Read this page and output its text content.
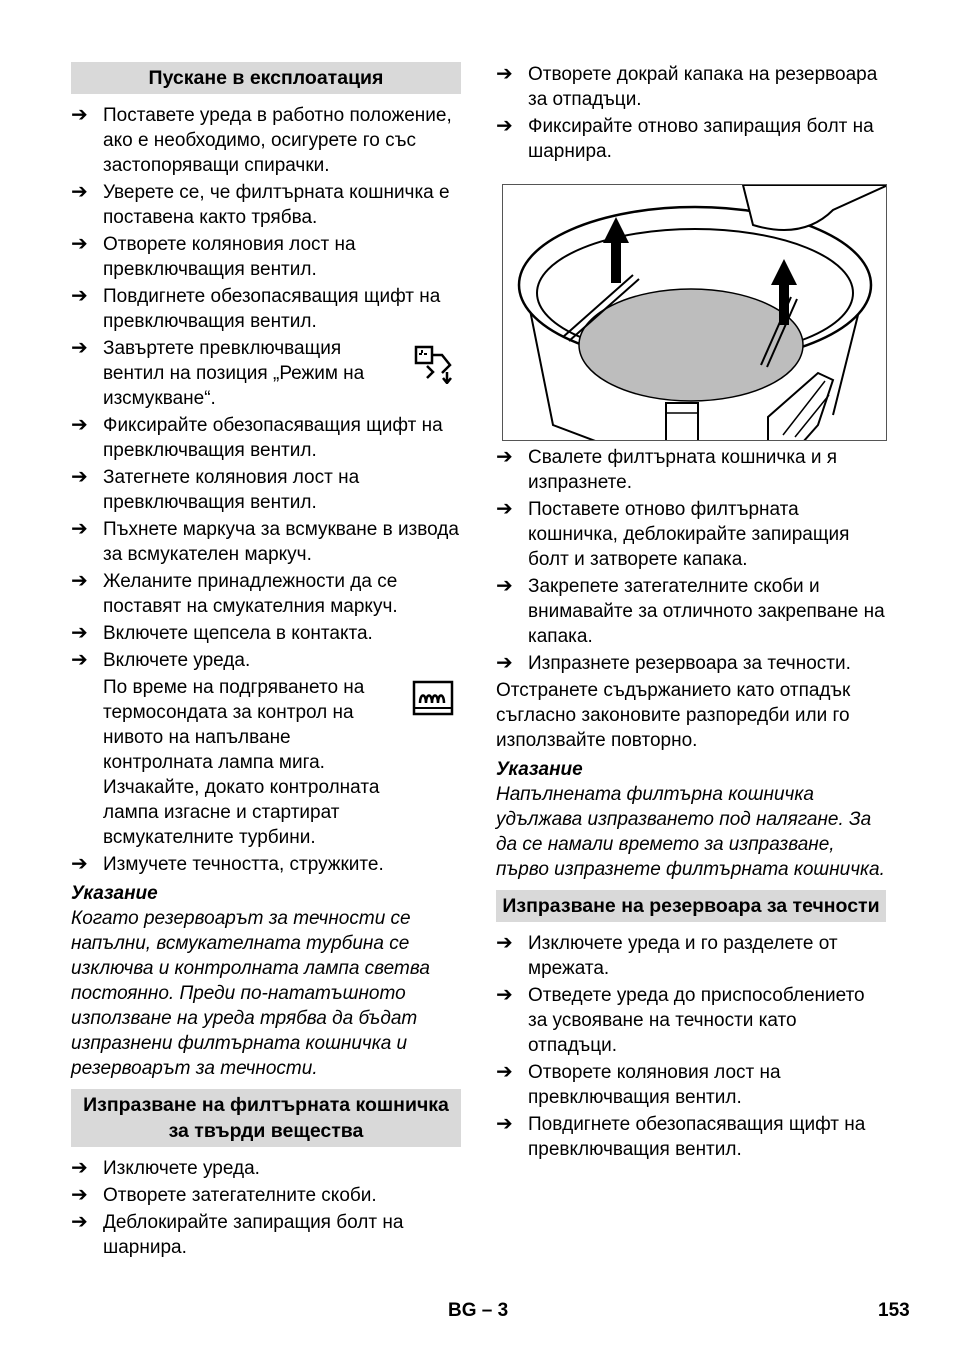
Пускане в експлоатация
➔ Поставете уреда в работно положение, ако е необходимо, осигурете го със застопоряващи спирачки.
➔ Уверете се, че филтърната кошничка е поставена както трябва.
➔ Отворете коляновия лост на превключващия вентил.
➔ Повдигнете обезопасяващия щифт на превключващия вентил.
➔ Завъртете превключващия вентил на позиция „Режим на изсмукване“.
➔ Фиксирайте обезопасяващия щифт на превключващия вентил.
➔ Затегнете коляновия лост на превключващия вентил.
➔ Пъхнете маркуча за всмукване в извода за всмукателен маркуч.
➔ Желаните принадлежности да се поставят на смукателния маркуч.
➔ Включете щепсела в контакта.
➔ Включете уреда.
По време на подгряването на термосондата за контрол на нивото на напълване контролната лампа мига. Изчакайте, докато контролната лампа изгасне и стартират всмукателните турбини.
➔ Измучете течността, стружките.
Указание
Когато резервоарът за течности се напълни, всмукателната турбина се изключва и контролната лампа светва постоянно. Преди по-нататъшното използване на уреда трябва да бъдат изпразнени филтърната кошничка и резервоарът за течности.
Изпразване на филтърната кошничка за твърди вещества
➔ Изключете уреда.
➔ Отворете затегателните скоби.
➔ Деблокирайте запиращия болт на шарнира.
➔ Отворете докрай капака на резервоара за отпадъци.
➔ Фиксирайте отново запиращия болт на шарнира.
➔ Свалете филтърната кошничка и я изпразнете.
➔ Поставете отново филтърната кошничка, деблокирайте запиращия болт и затворете капака.
➔ Закрепете затегателните скоби и внимавайте за отличното закрепване на капака.
➔ Изпразнете резервоара за течности.
Отстранете съдържанието като отпадък съгласно законовите разпоредби или го използвайте повторно.
Указание
Напълнената филтърна кошничка удължава изпразването под налягане. За да се намали времето за изпразване, първо изпразнете филтърната кошничка.
Изпразване на резервоара за течности
➔ Изключете уреда и го разделете от мрежата.
➔ Отведете уреда до приспособлението за усвояване на течности като отпадъци.
➔ Отворете коляновия лост на превключващия вентил.
➔ Повдигнете обезопасяващия щифт на превключващия вентил.
BG – 3	153
